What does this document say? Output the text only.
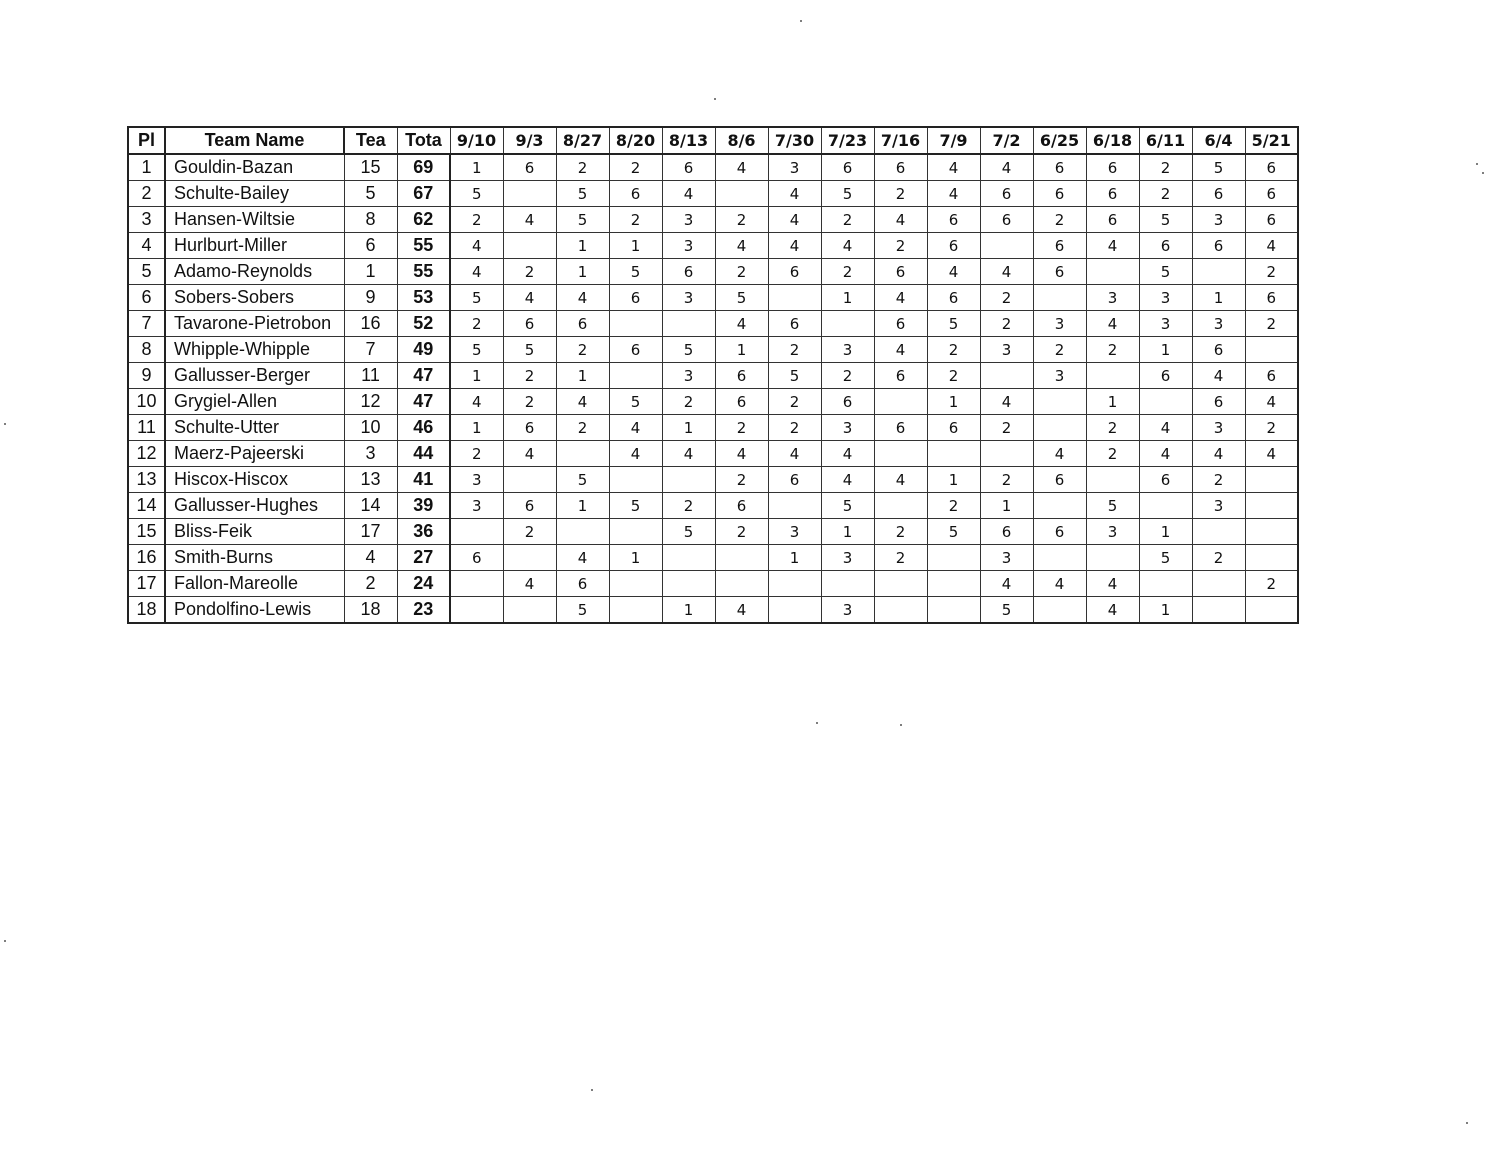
Pl	Team Name	Tea	Tota	9/10	9/3	8/27	8/20	8/13	8/6	7/30	7/23	7/16	7/9	7/2	6/25	6/18	6/11	6/4	5/21
1	Gouldin-Bazan	15	69	1	6	2	2	6	4	3	6	6	4	4	6	6	2	5	6
2	Schulte-Bailey	5	67	5		5	6	4		4	5	2	4	6	6	6	2	6	6
3	Hansen-Wiltsie	8	62	2	4	5	2	3	2	4	2	4	6	6	2	6	5	3	6
4	Hurlburt-Miller	6	55	4		1	1	3	4	4	4	2	6		6	4	6	6	4
5	Adamo-Reynolds	1	55	4	2	1	5	6	2	6	2	6	4	4	6		5		2
6	Sobers-Sobers	9	53	5	4	4	6	3	5		1	4	6	2		3	3	1	6
7	Tavarone-Pietrobon	16	52	2	6	6			4	6		6	5	2	3	4	3	3	2
8	Whipple-Whipple	7	49	5	5	2	6	5	1	2	3	4	2	3	2	2	1	6	
9	Gallusser-Berger	11	47	1	2	1		3	6	5	2	6	2		3		6	4	6
10	Grygiel-Allen	12	47	4	2	4	5	2	6	2	6		1	4		1		6	4
11	Schulte-Utter	10	46	1	6	2	4	1	2	2	3	6	6	2		2	4	3	2
12	Maerz-Pajeerski	3	44	2	4		4	4	4	4	4				4	2	4	4	4
13	Hiscox-Hiscox	13	41	3		5			2	6	4	4	1	2	6		6	2	
14	Gallusser-Hughes	14	39	3	6	1	5	2	6		5		2	1		5		3	
15	Bliss-Feik	17	36		2			5	2	3	1	2	5	6	6	3	1		
16	Smith-Burns	4	27	6		4	1			1	3	2		3			5	2	
17	Fallon-Mareolle	2	24		4	6								4	4	4			2
18	Pondolfino-Lewis	18	23			5		1	4		3			5		4	1		
